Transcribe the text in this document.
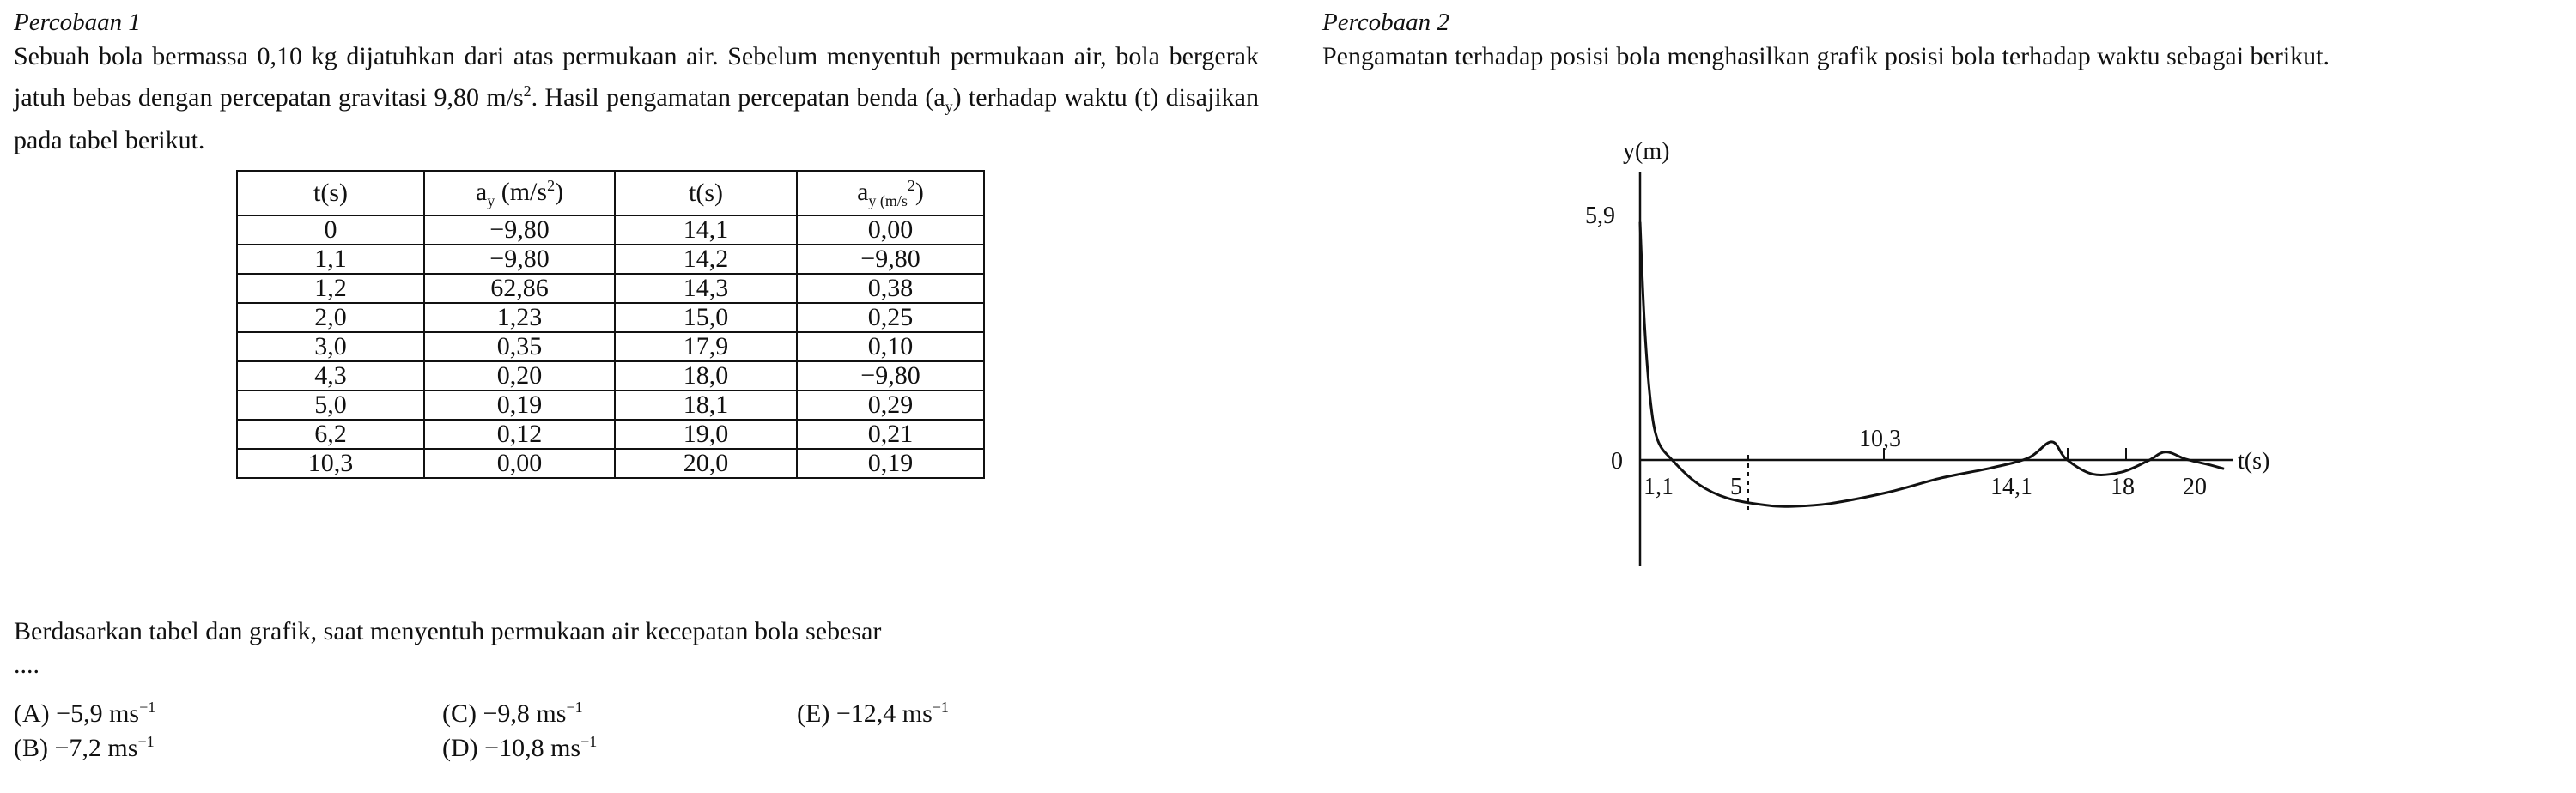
Percobaan 1
Sebuah bola bermassa 0,10 kg dijatuhkan dari atas permukaan air. Sebelum menyentuh permukaan air, bola bergerak jatuh bebas dengan percepatan gravitasi 9,80 $m/s^2$. Hasil pengamatan percepatan benda $(a_y)$ terhadap waktu (t) disajikan pada tabel berikut.
t(s)	$a_y$ $(m/s^2)$	t(s)	$a_{y (m/s}^2$)
0	−9,80	14,1	0,00
1,1	−9,80	14,2	−9,80
1,2	62,86	14,3	0,38
2,0	1,23	15,0	0,25
3,0	0,35	17,9	0,10
4,3	0,20	18,0	−9,80
5,0	0,19	18,1	0,29
6,2	0,12	19,0	0,21
10,3	0,00	20,0	0,19
Berdasarkan tabel dan grafik, saat menyentuh permukaan air kecepatan bola sebesar
....
(A) −5,9 $ms^{-1}$
(B) −7,2 $ms^{-1}$
(C) −9,8 $ms^{-1}$
(D) −10,8 $ms^{-1}$
(E) −12,4 $ms^{-1}$
Percobaan 2
Pengamatan terhadap posisi bola menghasilkan grafik posisi bola terhadap waktu sebagai berikut.
y(m)
t(s)
5,9
0
1,1 5
10,3
14,1	18 20
